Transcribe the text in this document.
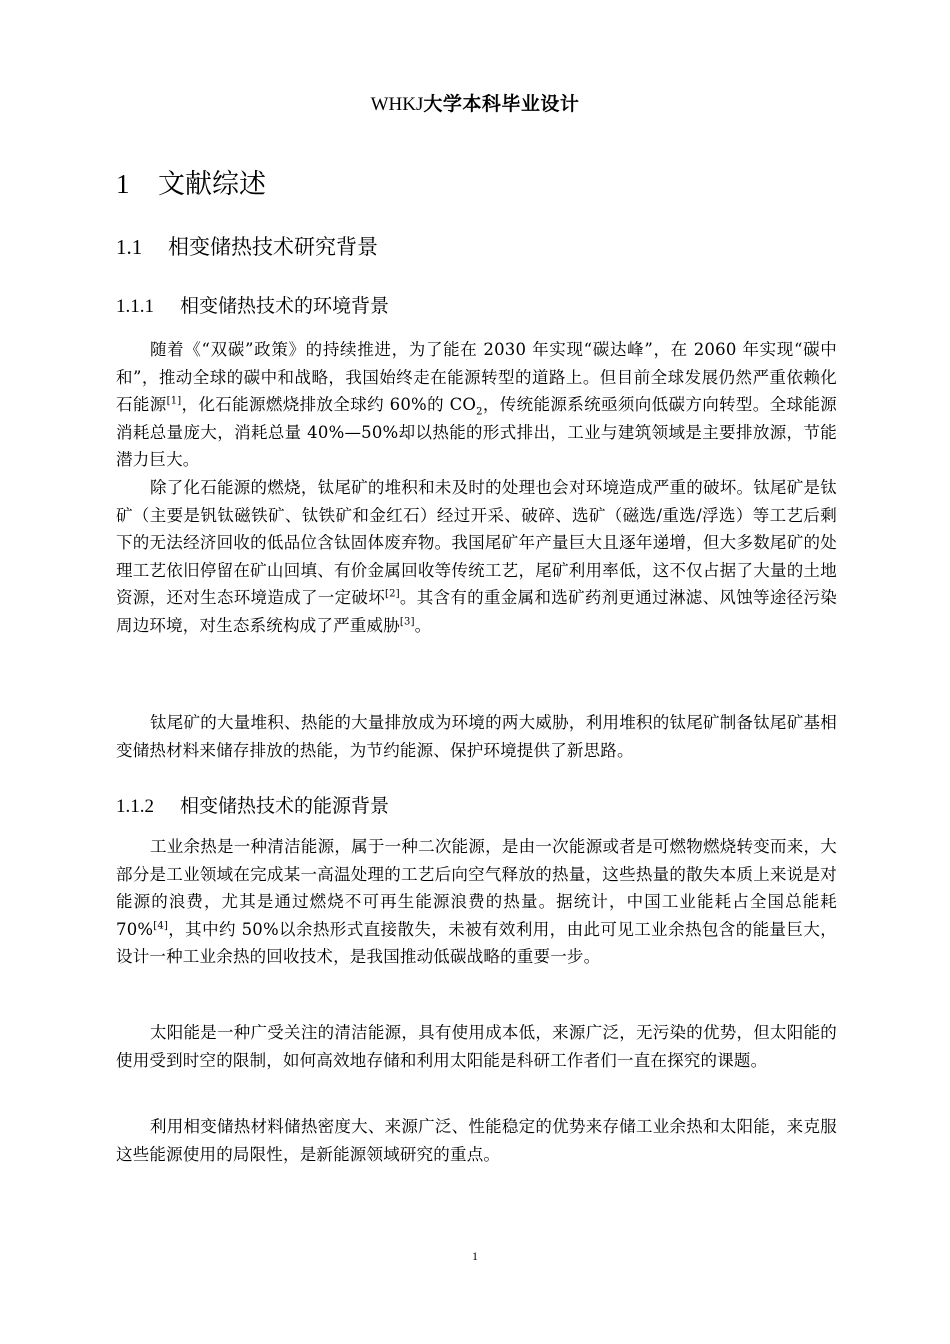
WHKJ大学本科毕业设计
1 文献综述
1.1 相变储热技术研究背景
1.1.1 相变储热技术的环境背景

随着《“双碳”政策》的持续推进，为了能在 2030 年实现“碳达峰”，在 2060 年实现“碳中和”，推动全球的碳中和战略，我国始终走在能源转型的道路上。但目前全球发展仍然严重依赖化石能源[1]，化石能源燃烧排放全球约 60%的 $CO_2$，传统能源系统亟须向低碳方向转型。全球能源消耗总量庞大，消耗总量 40%—50%却以热能的形式排出，工业与建筑领域是主要排放源，节能潜力巨大。

除了化石能源的燃烧，钛尾矿的堆积和未及时的处理也会对环境造成严重的破坏。钛尾矿是钛矿（主要是钒钛磁铁矿、钛铁矿和金红石）经过开采、破碎、选矿（磁选/重选/浮选）等工艺后剩下的无法经济回收的低品位含钛固体废弃物。我国尾矿年产量巨大且逐年递增，但大多数尾矿的处理工艺依旧停留在矿山回填、有价金属回收等传统工艺，尾矿利用率低，这不仅占据了大量的土地资源，还对生态环境造成了一定破坏[2]。其含有的重金属和选矿药剂更通过淋滤、风蚀等途径污染周边环境，对生态系统构成了严重威胁[3]。

钛尾矿的大量堆积、热能的大量排放成为环境的两大威胁，利用堆积的钛尾矿制备钛尾矿基相变储热材料来储存排放的热能，为节约能源、保护环境提供了新思路。

1.1.2 相变储热技术的能源背景

工业余热是一种清洁能源，属于一种二次能源，是由一次能源或者是可燃物燃烧转变而来，大部分是工业领域在完成某一高温处理的工艺后向空气释放的热量，这些热量的散失本质上来说是对能源的浪费，尤其是通过燃烧不可再生能源浪费的热量。据统计，中国工业能耗占全国总能耗 70%[4]，其中约 50%以余热形式直接散失，未被有效利用，由此可见工业余热包含的能量巨大，设计一种工业余热的回收技术，是我国推动低碳战略的重要一步。

太阳能是一种广受关注的清洁能源，具有使用成本低，来源广泛，无污染的优势，但太阳能的使用受到时空的限制，如何高效地存储和利用太阳能是科研工作者们一直在探究的课题。

利用相变储热材料储热密度大、来源广泛、性能稳定的优势来存储工业余热和太阳能，来克服这些能源使用的局限性，是新能源领域研究的重点。

1
